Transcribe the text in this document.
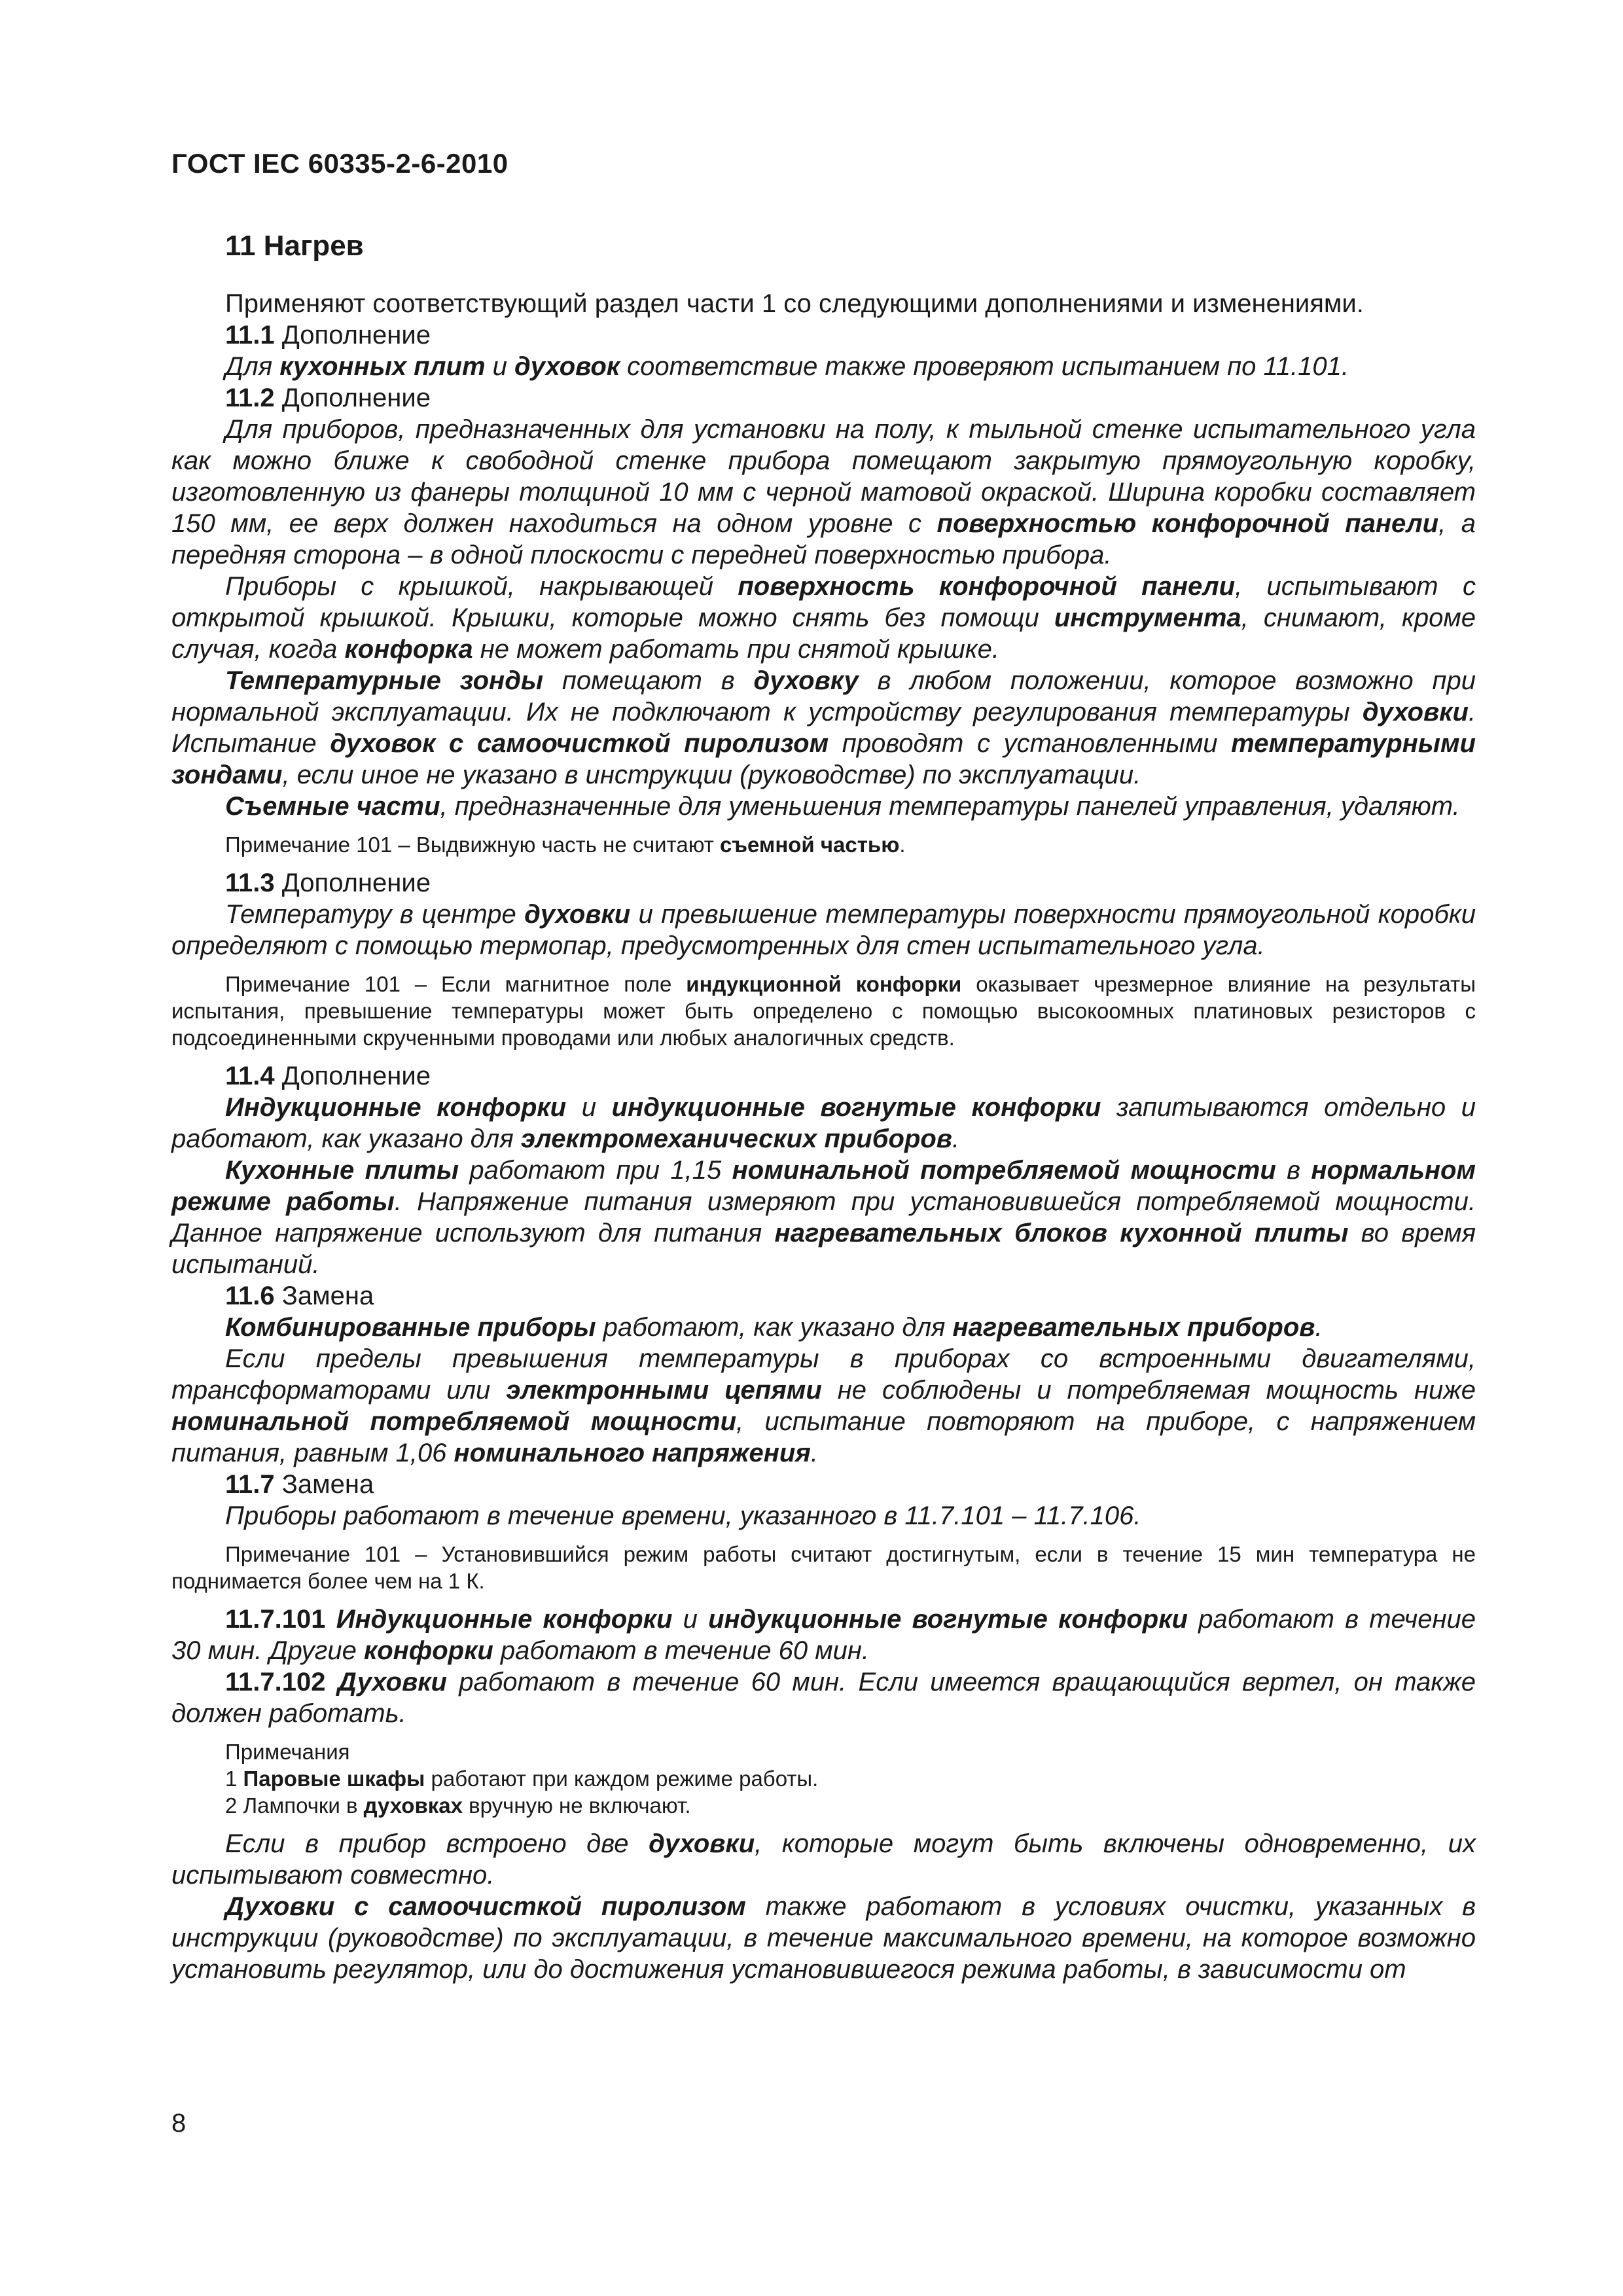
ГОСТ IEC 60335-2-6-2010
11 Нагрев

Применяют соответствующий раздел части 1 со следующими дополнениями и изменениями.

11.1 Дополнение

Для кухонных плит и духовок соответствие также проверяют испытанием по 11.101.

11.2 Дополнение

Для приборов, предназначенных для установки на полу, к тыльной стенке испытательного угла как можно ближе к свободной стенке прибора помещают закрытую прямоугольную коробку, изготовленную из фанеры толщиной 10 мм с черной матовой окраской. Ширина коробки составляет 150 мм, ее верх должен находиться на одном уровне с поверхностью конфорочной панели, а передняя сторона – в одной плоскости с передней поверхностью прибора.

Приборы с крышкой, накрывающей поверхность конфорочной панели, испытывают с открытой крышкой. Крышки, которые можно снять без помощи инструмента, снимают, кроме случая, когда конфорка не может работать при снятой крышке.

Температурные зонды помещают в духовку в любом положении, которое возможно при нормальной эксплуатации. Их не подключают к устройству регулирования температуры духовки. Испытание духовок с самоочисткой пиролизом проводят с установленными температурными зондами, если иное не указано в инструкции (руководстве) по эксплуатации.

Съемные части, предназначенные для уменьшения температуры панелей управления, удаляют.

Примечание 101 – Выдвижную часть не считают съемной частью.

11.3 Дополнение

Температуру в центре духовки и превышение температуры поверхности прямоугольной коробки определяют с помощью термопар, предусмотренных для стен испытательного угла.

Примечание 101 – Если магнитное поле индукционной конфорки оказывает чрезмерное влияние на результаты испытания, превышение температуры может быть определено с помощью высокоомных платиновых резисторов с подсоединенными скрученными проводами или любых аналогичных средств.

11.4 Дополнение

Индукционные конфорки и индукционные вогнутые конфорки запитываются отдельно и работают, как указано для электромеханических приборов.

Кухонные плиты работают при 1,15 номинальной потребляемой мощности в нормальном режиме работы. Напряжение питания измеряют при установившейся потребляемой мощности. Данное напряжение используют для питания нагревательных блоков кухонной плиты во время испытаний.

11.6 Замена

Комбинированные приборы работают, как указано для нагревательных приборов.

Если пределы превышения температуры в приборах со встроенными двигателями, трансформаторами или электронными цепями не соблюдены и потребляемая мощность ниже номинальной потребляемой мощности, испытание повторяют на приборе, с напряжением питания, равным 1,06 номинального напряжения.

11.7 Замена

Приборы работают в течение времени, указанного в 11.7.101 – 11.7.106.

Примечание 101 – Установившийся режим работы считают достигнутым, если в течение 15 мин температура не поднимается более чем на 1 К.

11.7.101 Индукционные конфорки и индукционные вогнутые конфорки работают в течение 30 мин. Другие конфорки работают в течение 60 мин.

11.7.102 Духовки работают в течение 60 мин. Если имеется вращающийся вертел, он также должен работать.

Примечания

1 Паровые шкафы работают при каждом режиме работы.

2 Лампочки в духовках вручную не включают.

Если в прибор встроено две духовки, которые могут быть включены одновременно, их испытывают совместно.

Духовки с самоочисткой пиролизом также работают в условиях очистки, указанных в инструкции (руководстве) по эксплуатации, в течение максимального времени, на которое возможно установить регулятор, или до достижения установившегося режима работы, в зависимости от

8
